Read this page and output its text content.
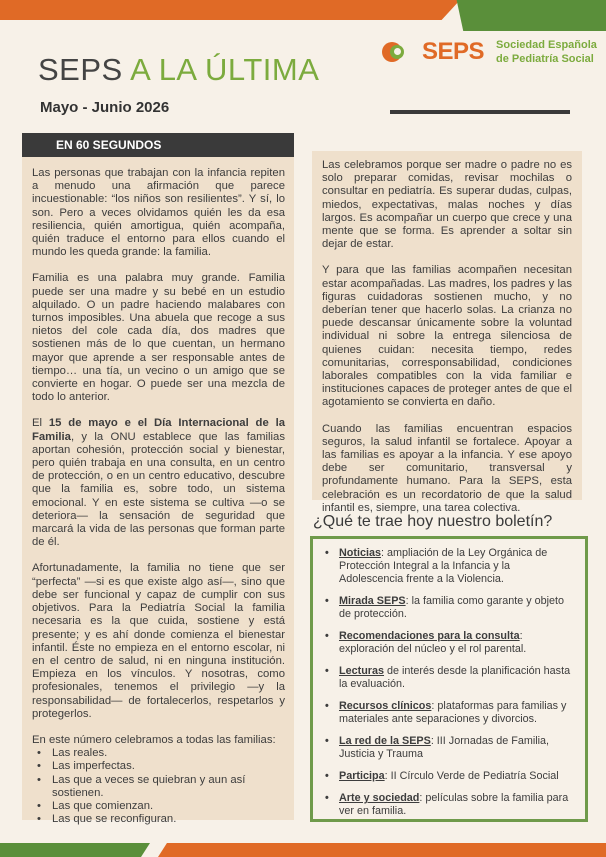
SEPS A LA ÚLTIMA
Mayo - Junio 2026
SEPS Sociedad Española
de Pediatría Social
EN 60 SEGUNDOS

Las personas que trabajan con la infancia repiten a menudo una afirmación que parece incuestionable: “los niños son resilientes”. Y sí, lo son. Pero a veces olvidamos quién les da esa resiliencia, quién amortigua, quién acompaña, quién traduce el entorno para ellos cuando el mundo les queda grande: la familia.

Familia es una palabra muy grande. Familia puede ser una madre y su bebé en un estudio alquilado. O un padre haciendo malabares con turnos imposibles. Una abuela que recoge a sus nietos del cole cada día, dos madres que sostienen más de lo que cuentan, un hermano mayor que aprende a ser responsable antes de tiempo… una tía, un vecino o un amigo que se convierte en hogar. O puede ser una mezcla de todo lo anterior.

El 15 de mayo e el Día Internacional de la Familia, y la ONU establece que las familias aportan cohesión, protección social y bienestar, pero quién trabaja en una consulta, en un centro de protección, o en un centro educativo, descubre que la familia es, sobre todo, un sistema emocional. Y en este sistema se cultiva —o se deteriora— la sensación de seguridad que marcará la vida de las personas que forman parte de él.

Afortunadamente, la familia no tiene que ser “perfecta” —si es que existe algo así—, sino que debe ser funcional y capaz de cumplir con sus objetivos. Para la Pediatría Social la familia necesaria es la que cuida, sostiene y está presente; y es ahí donde comienza el bienestar infantil. Éste no empieza en el entorno escolar, ni en el centro de salud, ni en ninguna institución. Empieza en los vínculos. Y nosotras, como profesionales, tenemos el privilegio —y la responsabilidad— de fortalecerlos, respetarlos y protegerlos.

En este número celebramos a todas las familias:

• Las reales.
• Las imperfectas.
• Las que a veces se quiebran y aun así sostienen.
• Las que comienzan.
• Las que se reconfiguran.

Las celebramos porque ser madre o padre no es solo preparar comidas, revisar mochilas o consultar en pediatría. Es superar dudas, culpas, miedos, expectativas, malas noches y días largos. Es acompañar un cuerpo que crece y una mente que se forma. Es aprender a soltar sin dejar de estar.

Y para que las familias acompañen necesitan estar acompañadas. Las madres, los padres y las figuras cuidadoras sostienen mucho, y no deberían tener que hacerlo solas. La crianza no puede descansar únicamente sobre la voluntad individual ni sobre la entrega silenciosa de quienes cuidan: necesita tiempo, redes comunitarias, corresponsabilidad, condiciones laborales compatibles con la vida familiar e instituciones capaces de proteger antes de que el agotamiento se convierta en daño.

Cuando las familias encuentran espacios seguros, la salud infantil se fortalece. Apoyar a las familias es apoyar a la infancia. Y ese apoyo debe ser comunitario, transversal y profundamente humano. Para la SEPS, esta celebración es un recordatorio de que la salud infantil es, siempre, una tarea colectiva.

¿Qué te trae hoy nuestro boletín?
• Noticias: ampliación de la Ley Orgánica de Protección Integral a la Infancia y la Adolescencia frente a la Violencia.
• Mirada SEPS: la familia como garante y objeto de protección.
• Recomendaciones para la consulta: exploración del núcleo y el rol parental.
• Lecturas de interés desde la planificación hasta la evaluación.
• Recursos clínicos: plataformas para familias y materiales ante separaciones y divorcios.
• La red de la SEPS: III Jornadas de Familia, Justicia y Trauma
• Participa: II Círculo Verde de Pediatría Social
• Arte y sociedad: películas sobre la familia para ver en familia.
